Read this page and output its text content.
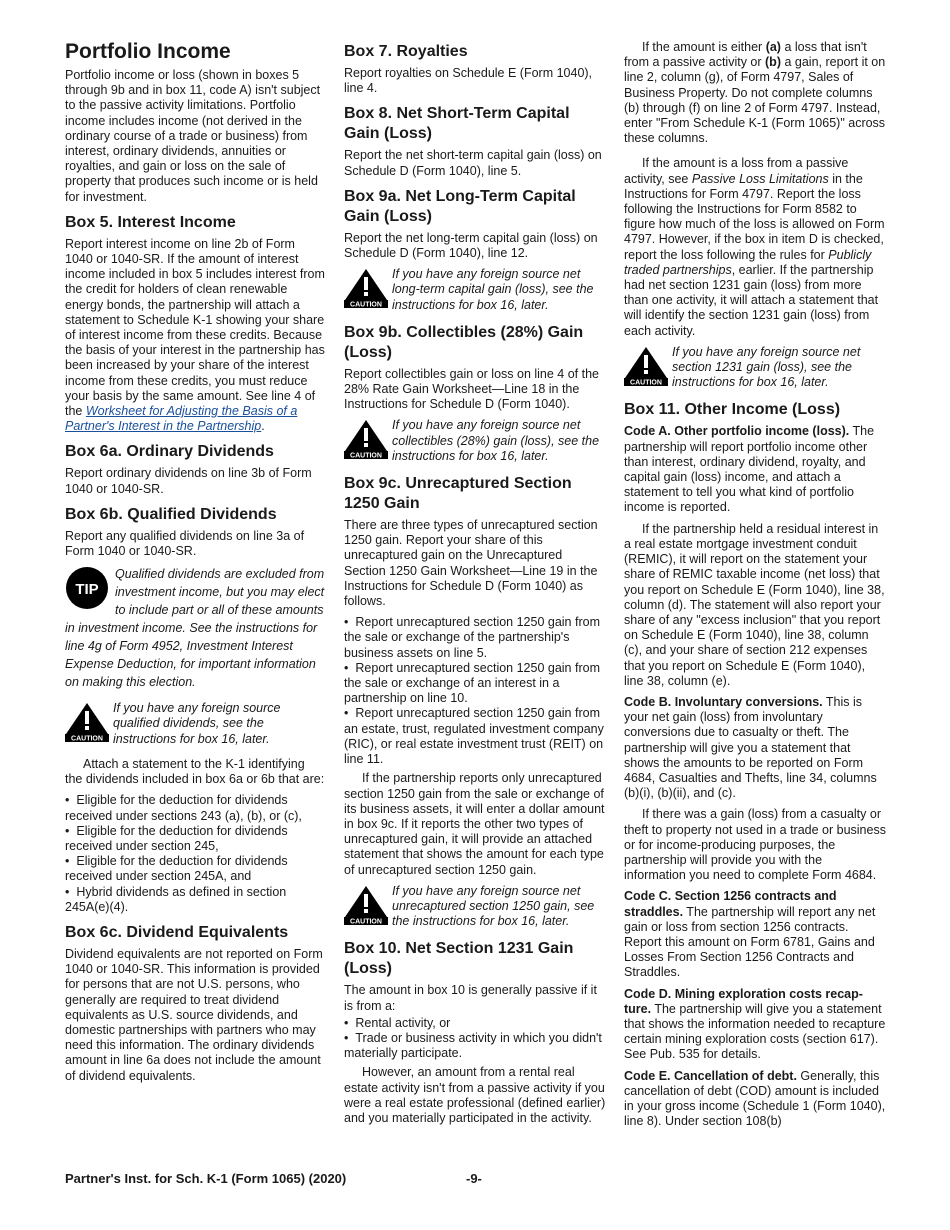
Portfolio Income

Portfolio income or loss (shown in boxes 5 through 9b and in box 11, code A) isn't subject to the passive activity limitations. Portfolio income includes income (not derived in the ordinary course of a trade or business) from interest, ordinary dividends, annuities or royalties, and gain or loss on the sale of property that produces such income or is held for investment.

Box 5. Interest Income

Report interest income on line 2b of Form 1040 or 1040-SR. If the amount of interest income included in box 5 includes interest from the credit for holders of clean renewable energy bonds, the partnership will attach a statement to Schedule K-1 showing your share of interest income from these credits. Because the basis of your interest in the partnership has been increased by your share of the interest income from these credits, you must reduce your basis by the same amount. See line 4 of the Worksheet for Adjusting the Basis of a Partner's Interest in the Partnership.

Box 6a. Ordinary Dividends

Report ordinary dividends on line 3b of Form 1040 or 1040-SR.

Box 6b. Qualified Dividends

Report any qualified dividends on line 3a of Form 1040 or 1040-SR.

TIP
Qualified dividends are excluded from investment income, but you may elect to include part or all of these amounts in investment income. See the instructions for line 4g of Form 4952, Investment Interest Expense Deduction, for important information on making this election.
CAUTION
If you have any foreign source qualified dividends, see the instructions for box 16, later.

Attach a statement to the K-1 identifying the dividends included in box 6a or 6b that are:

• Eligible for the deduction for dividends received under sections 243 (a), (b), or (c),
• Eligible for the deduction for dividends received under section 245,
• Eligible for the deduction for dividends received under section 245A, and
• Hybrid dividends as defined in section 245A(e)(4).
Box 6c. Dividend Equivalents

Dividend equivalents are not reported on Form 1040 or 1040-SR. This information is provided for persons that are not U.S. persons, who generally are required to treat dividend equivalents as U.S. source dividends, and domestic partnerships with partners who may need this information. The ordinary dividends amount in line 6a does not include the amount of dividend equivalents.

Box 7. Royalties

Report royalties on Schedule E (Form 1040), line 4.

Box 8. Net Short-Term Capital Gain (Loss)

Report the net short-term capital gain (loss) on Schedule D (Form 1040), line 5.

Box 9a. Net Long-Term Capital Gain (Loss)

Report the net long-term capital gain (loss) on Schedule D (Form 1040), line 12.

CAUTION
If you have any foreign source net long-term capital gain (loss), see the instructions for box 16, later.
Box 9b. Collectibles (28%) Gain (Loss)

Report collectibles gain or loss on line 4 of the 28% Rate Gain Worksheet—Line 18 in the Instructions for Schedule D (Form 1040).

CAUTION
If you have any foreign source net collectibles (28%) gain (loss), see the instructions for box 16, later.
Box 9c. Unrecaptured Section 1250 Gain

There are three types of unrecaptured section 1250 gain. Report your share of this unrecaptured gain on the Unrecaptured Section 1250 Gain Worksheet—Line 19 in the Instructions for Schedule D (Form 1040) as follows.

• Report unrecaptured section 1250 gain from the sale or exchange of the partnership's business assets on line 5.
• Report unrecaptured section 1250 gain from the sale or exchange of an interest in a partnership on line 10.
• Report unrecaptured section 1250 gain from an estate, trust, regulated investment company (RIC), or real estate investment trust (REIT) on line 11.

If the partnership reports only unrecaptured section 1250 gain from the sale or exchange of its business assets, it will enter a dollar amount in box 9c. If it reports the other two types of unrecaptured gain, it will provide an attached statement that shows the amount for each type of unrecaptured section 1250 gain.

CAUTION
If you have any foreign source net unrecaptured section 1250 gain, see the instructions for box 16, later.
Box 10. Net Section 1231 Gain (Loss)

The amount in box 10 is generally passive if it is from a:

• Rental activity, or
• Trade or business activity in which you didn't materially participate.

However, an amount from a rental real estate activity isn't from a passive activity if you were a real estate professional (defined earlier) and you materially participated in the activity.

If the amount is either (a) a loss that isn't from a passive activity or (b) a gain, report it on line 2, column (g), of Form 4797, Sales of Business Property. Do not complete columns (b) through (f) on line 2 of Form 4797. Instead, enter "From Schedule K-1 (Form 1065)" across these columns.

If the amount is a loss from a passive activity, see Passive Loss Limitations in the Instructions for Form 4797. Report the loss following the Instructions for Form 8582 to figure how much of the loss is allowed on Form 4797. However, if the box in item D is checked, report the loss following the rules for Publicly traded partnerships, earlier. If the partnership had net section 1231 gain (loss) from more than one activity, it will attach a statement that will identify the section 1231 gain (loss) from each activity.

CAUTION
If you have any foreign source net section 1231 gain (loss), see the instructions for box 16, later.
Box 11. Other Income (Loss)

Code A. Other portfolio income (loss). The partnership will report portfolio income other than interest, ordinary dividend, royalty, and capital gain (loss) income, and attach a statement to tell you what kind of portfolio income is reported.

If the partnership held a residual interest in a real estate mortgage investment conduit (REMIC), it will report on the statement your share of REMIC taxable income (net loss) that you report on Schedule E (Form 1040), line 38, column (d). The statement will also report your share of any "excess inclusion" that you report on Schedule E (Form 1040), line 38, column (c), and your share of section 212 expenses that you report on Schedule E (Form 1040), line 38, column (e).

Code B. Involuntary conversions. This is your net gain (loss) from involuntary conversions due to casualty or theft. The partnership will give you a statement that shows the amounts to be reported on Form 4684, Casualties and Thefts, line 34, columns (b)(i), (b)(ii), and (c).

If there was a gain (loss) from a casualty or theft to property not used in a trade or business or for income-producing purposes, the partnership will provide you with the information you need to complete Form 4684.

Code C. Section 1256 contracts and straddles. The partnership will report any net gain or loss from section 1256 contracts. Report this amount on Form 6781, Gains and Losses From Section 1256 Contracts and Straddles.

Code D. Mining exploration costs recap-ture. The partnership will give you a statement that shows the information needed to recapture certain mining exploration costs (section 617). See Pub. 535 for details.

Code E. Cancellation of debt. Generally, this cancellation of debt (COD) amount is included in your gross income (Schedule 1 (Form 1040), line 8). Under section 108(b)

Partner's Inst. for Sch. K-1 (Form 1065) (2020)	-9-
